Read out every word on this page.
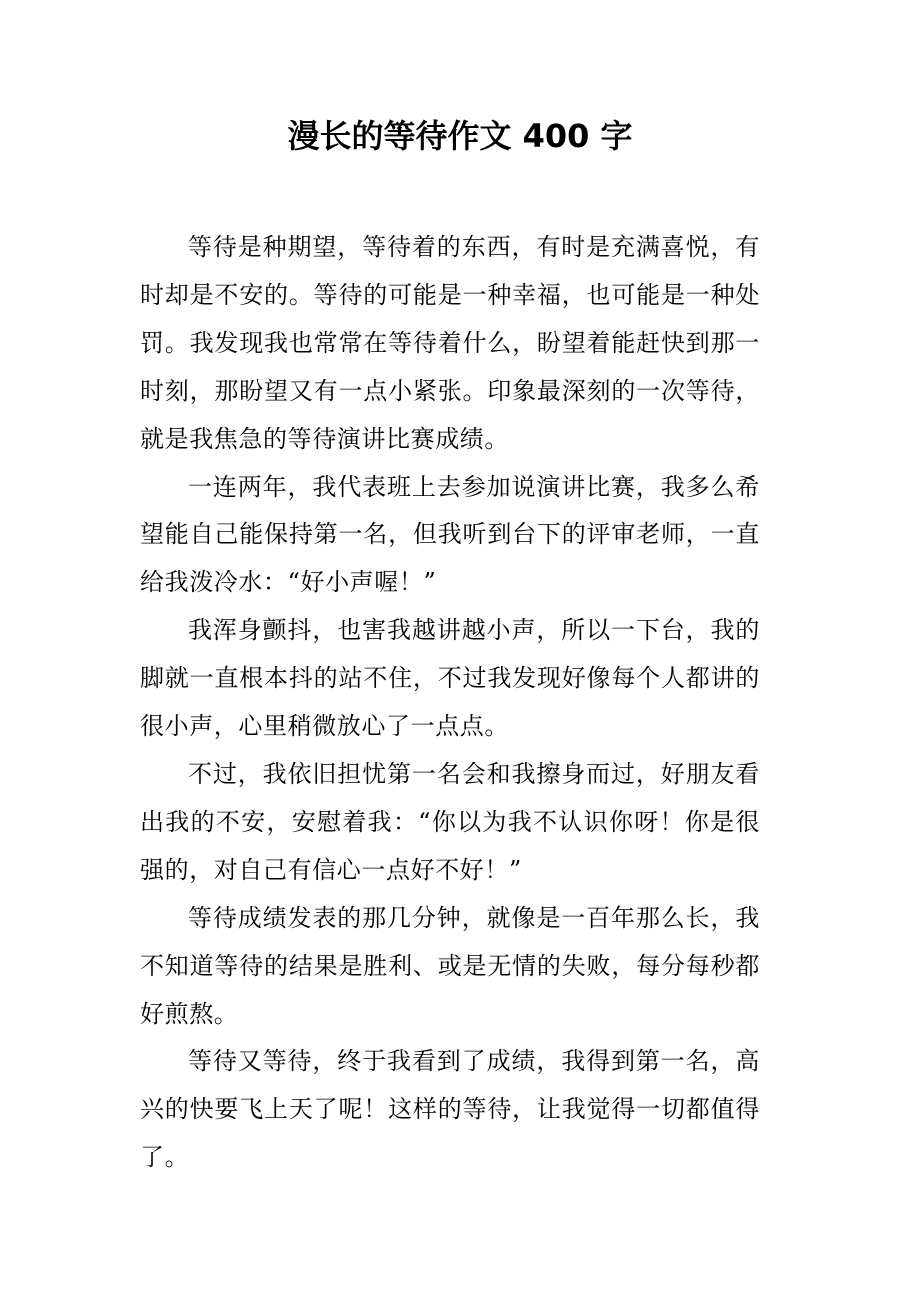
漫长的等待作文 400 字

等待是种期望，等待着的东西，有时是充满喜悦，有时却是不安的。等待的可能是一种幸福，也可能是一种处罚。我发现我也常常在等待着什么，盼望着能赶快到那一时刻，那盼望又有一点小紧张。印象最深刻的一次等待，就是我焦急的等待演讲比赛成绩。

一连两年，我代表班上去参加说演讲比赛，我多么希望能自己能保持第一名，但我听到台下的评审老师，一直给我泼冷水：“好小声喔！”

我浑身颤抖，也害我越讲越小声，所以一下台，我的脚就一直根本抖的站不住，不过我发现好像每个人都讲的很小声，心里稍微放心了一点点。

不过，我依旧担忧第一名会和我擦身而过，好朋友看出我的不安，安慰着我：“你以为我不认识你呀！你是很强的，对自己有信心一点好不好！”

等待成绩发表的那几分钟，就像是一百年那么长，我不知道等待的结果是胜利、或是无情的失败，每分每秒都好煎熬。

等待又等待，终于我看到了成绩，我得到第一名，高兴的快要飞上天了呢！这样的等待，让我觉得一切都值得了。
